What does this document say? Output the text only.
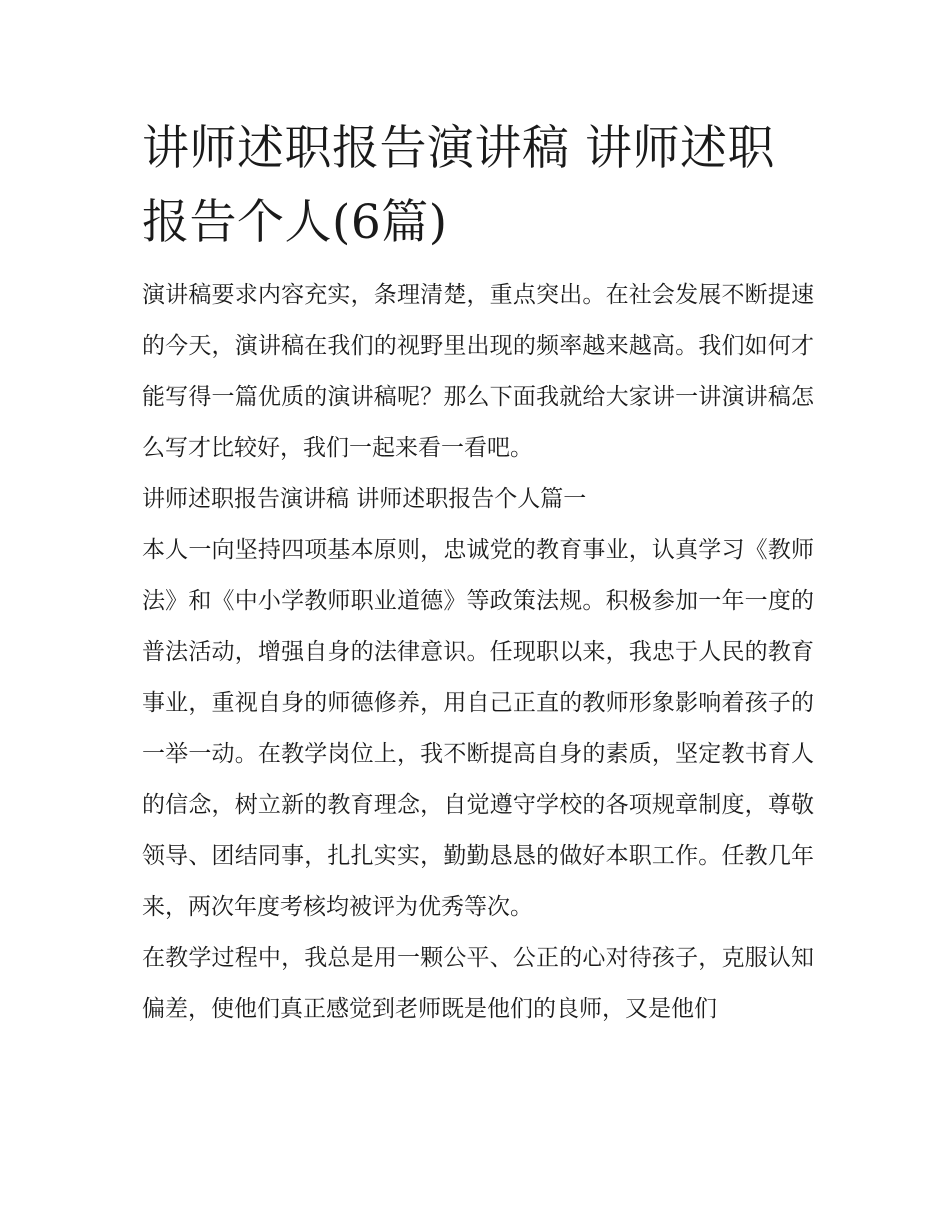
讲师述职报告演讲稿 讲师述职报告个人(6篇)

演讲稿要求内容充实，条理清楚，重点突出。在社会发展不断提速的今天，演讲稿在我们的视野里出现的频率越来越高。我们如何才能写得一篇优质的演讲稿呢？那么下面我就给大家讲一讲演讲稿怎么写才比较好，我们一起来看一看吧。

讲师述职报告演讲稿 讲师述职报告个人篇一

本人一向坚持四项基本原则，忠诚党的教育事业，认真学习《教师法》和《中小学教师职业道德》等政策法规。积极参加一年一度的普法活动，增强自身的法律意识。任现职以来，我忠于人民的教育事业，重视自身的师德修养，用自己正直的教师形象影响着孩子的一举一动。在教学岗位上，我不断提高自身的素质，坚定教书育人的信念，树立新的教育理念，自觉遵守学校的各项规章制度，尊敬领导、团结同事，扎扎实实，勤勤恳恳的做好本职工作。任教几年来，两次年度考核均被评为优秀等次。

在教学过程中，我总是用一颗公平、公正的心对待孩子，克服认知偏差，使他们真正感觉到老师既是他们的良师，又是他们
